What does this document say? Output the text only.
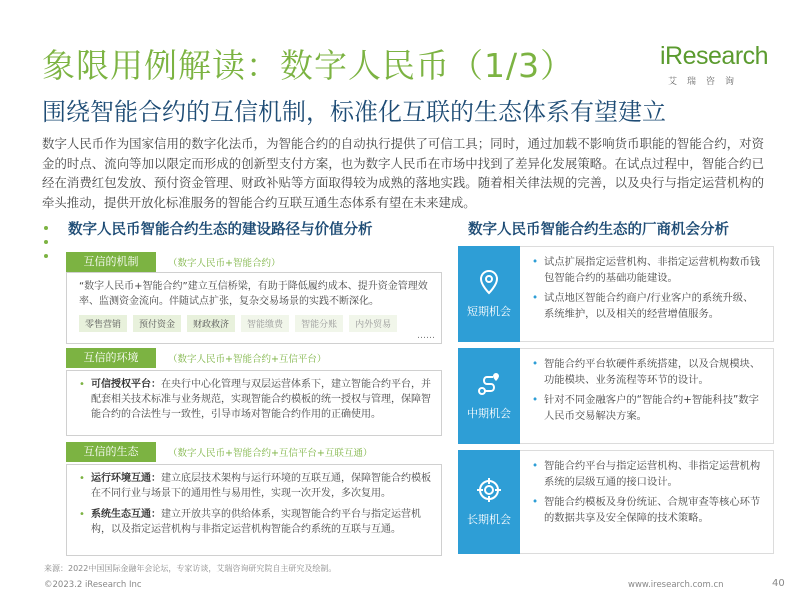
象限用例解读：数字人民币（1/3）
围绕智能合约的互信机制，标准化互联的生态体系有望建立
iResearch
艾瑞咨询
数字人民币作为国家信用的数字化法币，为智能合约的自动执行提供了可信工具；同时，通过加载不影响货币职能的智能合约，对资金的时点、流向等加以限定而形成的创新型支付方案，也为数字人民币在市场中找到了差异化发展策略。在试点过程中，智能合约已经在消费红包发放、预付资金管理、财政补贴等方面取得较为成熟的落地实践。随着相关律法规的完善，以及央行与指定运营机构的牵头推动，提供开放化标准服务的智能合约互联互通生态体系有望在未来建成。
数字人民币智能合约生态的建设路径与价值分析	数字人民币智能合约生态的厂商机会分析
互信的机制	（数字人民币+智能合约）
“数字人民币+智能合约”建立互信桥梁，有助于降低履约成本、提升资金管理效率、监测资金流向。伴随试点扩张，复杂交易场景的实践不断深化。
零售营销	预付资金	财政救济	智能缴费	智能分账	内外贸易
……
互信的环境	（数字人民币+智能合约+互信平台）
• 可信授权平台：在央行中心化管理与双层运营体系下，建立智能合约平台，并配套相关技术标准与业务规范，实现智能合约模板的统一授权与管理，保障智能合约的合法性与一致性，引导市场对智能合约作用的正确使用。
互信的生态	（数字人民币+智能合约+互信平台+互联互通）
• 运行环境互通：建立底层技术架构与运行环境的互联互通，保障智能合约模板在不同行业与场景下的通用性与易用性，实现一次开发，多次复用。
• 系统生态互通：建立开放共享的供给体系，实现智能合约平台与指定运营机构，以及指定运营机构与非指定运营机构智能合约系统的互联与互通。
短期机会
• 试点扩展指定运营机构、非指定运营机构数币钱包智能合约的基础功能建设。
• 试点地区智能合约商户/行业客户的系统升级、系统维护，以及相关的经营增值服务。
中期机会
• 智能合约平台软硬件系统搭建，以及合规模块、功能模块、业务流程等环节的设计。
• 针对不同金融客户的“智能合约+智能科技”数字人民币交易解决方案。
长期机会
• 智能合约平台与指定运营机构、非指定运营机构系统的层级互通的接口设计。
• 智能合约模板及身份统证、合规审查等核心环节的数据共享及安全保障的技术策略。
来源：2022中国国际金融年会论坛，专家访谈，艾瑞咨询研究院自主研究及绘制。
©2023.2 iResearch Inc	www.iresearch.com.cn	40
